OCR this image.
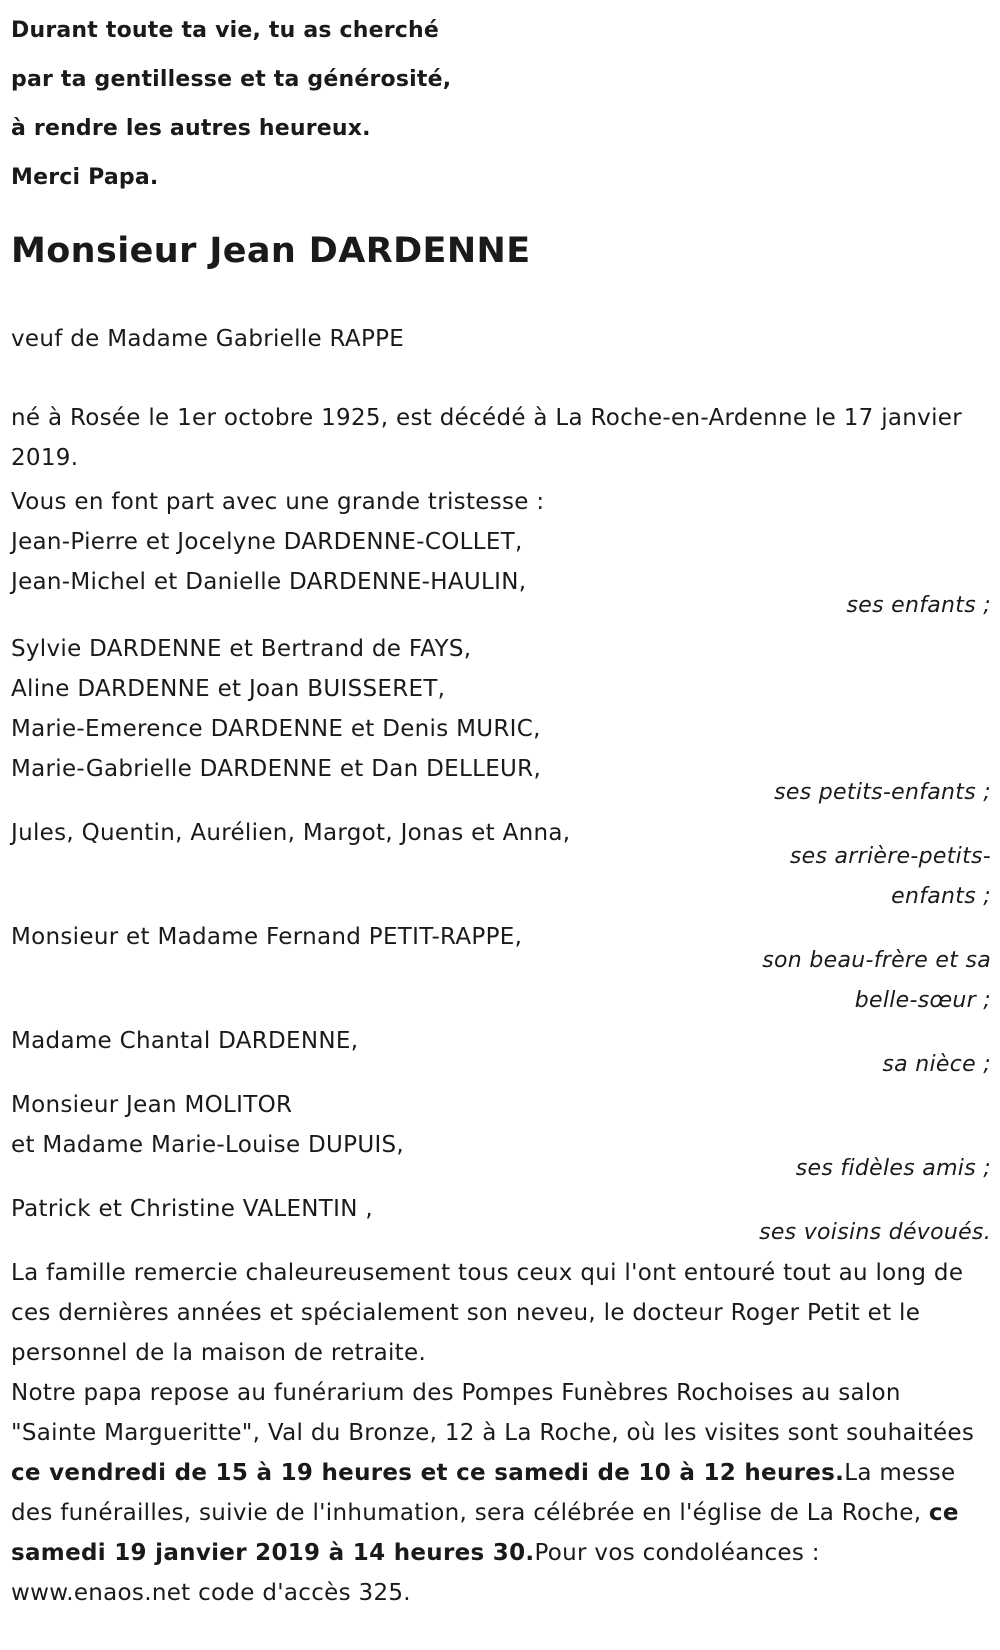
Durant toute ta vie, tu as cherché
par ta gentillesse et ta générosité,
à rendre les autres heureux.
Merci Papa.
Monsieur Jean DARDENNE
veuf de Madame Gabrielle RAPPE
né à Rosée le 1er octobre 1925, est décédé à La Roche-en-Ardenne le 17 janvier 2019.
Vous en font part avec une grande tristesse :
Jean-Pierre et Jocelyne DARDENNE-COLLET,
Jean-Michel et Danielle DARDENNE-HAULIN,
ses enfants ;
Sylvie DARDENNE et Bertrand de FAYS,
Aline DARDENNE et Joan BUISSERET,
Marie-Emerence DARDENNE et Denis MURIC,
Marie-Gabrielle DARDENNE et Dan DELLEUR,
ses petits-enfants ;
Jules, Quentin, Aurélien, Margot, Jonas et Anna,
ses arrière-petits-enfants ;
Monsieur et Madame Fernand PETIT-RAPPE,
son beau-frère et sa belle-sœur ;
Madame Chantal DARDENNE,
sa nièce ;
Monsieur Jean MOLITOR
et Madame Marie-Louise DUPUIS,
ses fidèles amis ;
Patrick et Christine VALENTIN ,
ses voisins dévoués.
La famille remercie chaleureusement tous ceux qui l'ont entouré tout au long de ces dernières années et spécialement son neveu, le docteur Roger Petit et le personnel de la maison de retraite.
Notre papa repose au funérarium des Pompes Funèbres Rochoises au salon "Sainte Margueritte", Val du Bronze, 12 à La Roche, où les visites sont souhaitées ce vendredi de 15 à 19 heures et ce samedi de 10 à 12 heures.La messe des funérailles, suivie de l'inhumation, sera célébrée en l'église de La Roche, ce samedi 19 janvier 2019 à 14 heures 30.Pour vos condoléances : www.enaos.net code d'accès 325.
